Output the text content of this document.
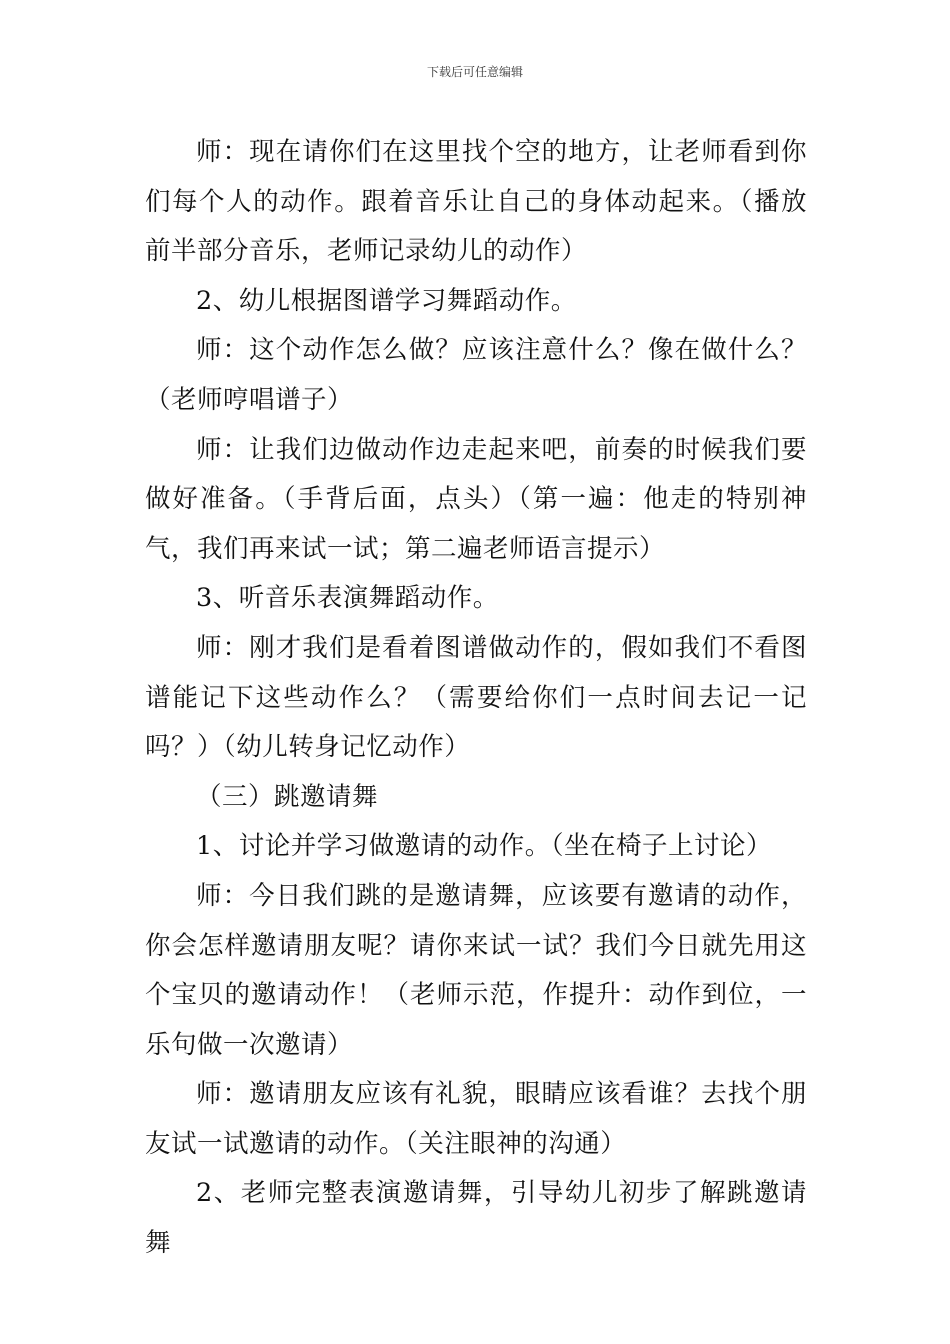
下载后可任意编辑

师：现在请你们在这里找个空的地方，让老师看到你们每个人的动作。跟着音乐让自己的身体动起来。（播放前半部分音乐，老师记录幼儿的动作）

2、幼儿根据图谱学习舞蹈动作。

师：这个动作怎么做？应该注意什么？像在做什么？（老师哼唱谱子）

师：让我们边做动作边走起来吧，前奏的时候我们要做好准备。（手背后面，点头）（第一遍：他走的特别神气，我们再来试一试；第二遍老师语言提示）

3、听音乐表演舞蹈动作。

师：刚才我们是看着图谱做动作的，假如我们不看图谱能记下这些动作么？（需要给你们一点时间去记一记吗？）（幼儿转身记忆动作）

（三）跳邀请舞

1、讨论并学习做邀请的动作。（坐在椅子上讨论）

师：今日我们跳的是邀请舞，应该要有邀请的动作，你会怎样邀请朋友呢？请你来试一试？我们今日就先用这个宝贝的邀请动作！（老师示范，作提升：动作到位，一乐句做一次邀请）

师：邀请朋友应该有礼貌，眼睛应该看谁？去找个朋友试一试邀请的动作。（关注眼神的沟通）

2、老师完整表演邀请舞，引导幼儿初步了解跳邀请舞
